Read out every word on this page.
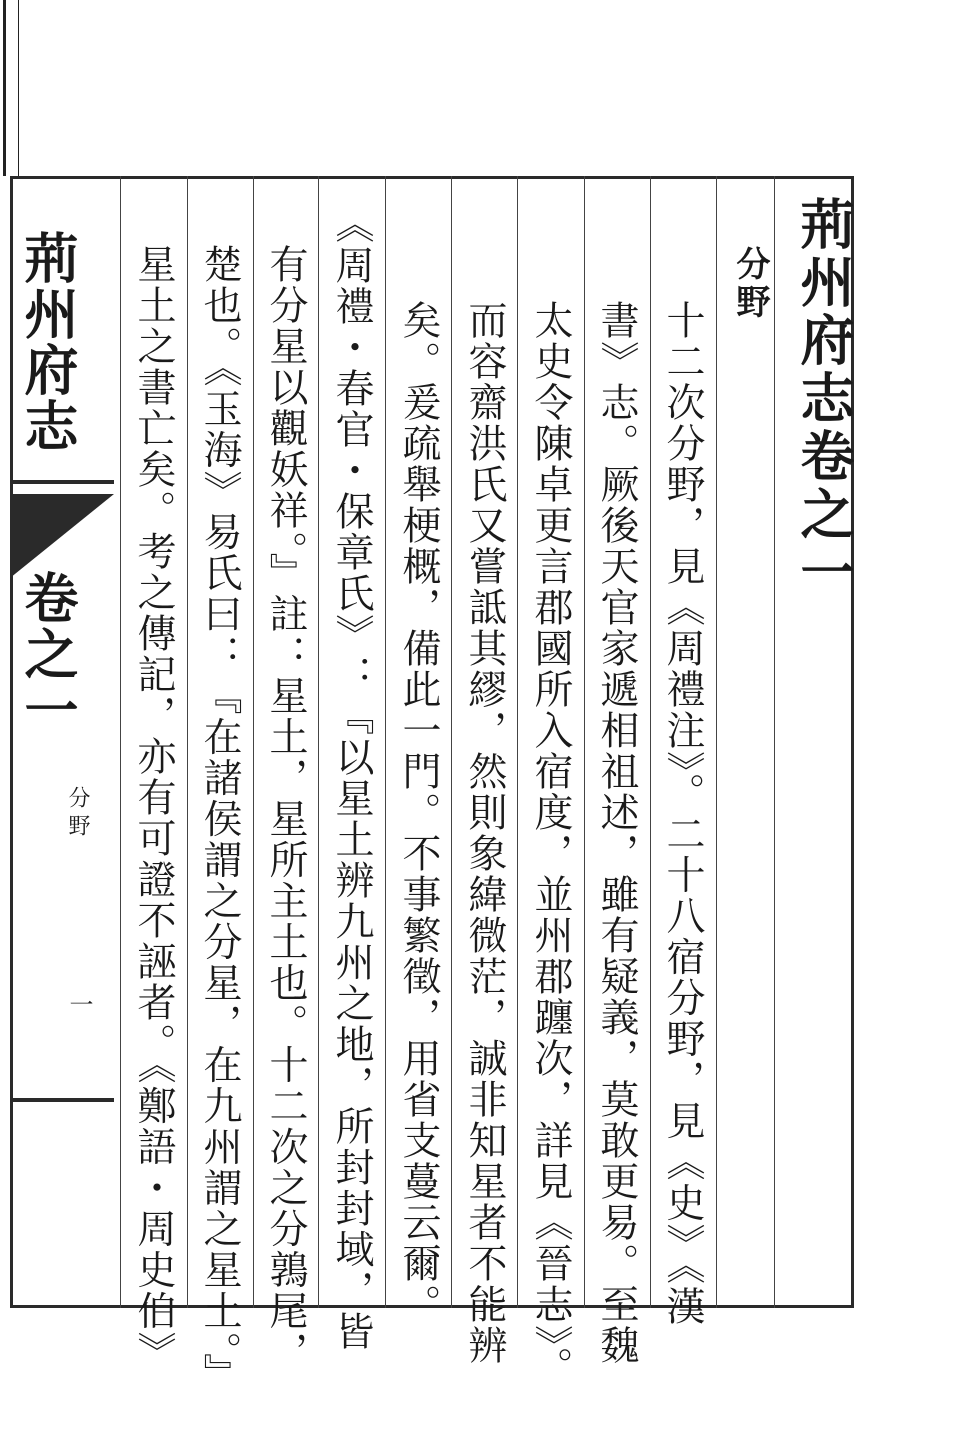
荊州府志卷之一
分野
十二次分野，見《周禮注》。二十八宿分野，見《史》《漢
書》志。厥後天官家遞相祖述，雖有疑義，莫敢更易。至魏
太史令陳卓更言郡國所入宿度，並州郡躔次，詳見《晉志》。
而容齋洪氏又嘗詆其繆，然則象緯微茫，誠非知星者不能辨
矣。爰疏舉梗概，備此一門。不事繁徵，用省支蔓云爾。
《周禮・春官・保章氏》：『以星土辨九州之地，所封封域，皆
有分星以觀妖祥。』註：星土，星所主土也。十二次之分鶉尾，
楚也。《玉海》易氏曰：『在諸侯謂之分星，在九州謂之星土。』
星土之書亡矣。考之傳記，亦有可證不誣者。《鄭語・周史伯》
荊州府志
卷之一
分野
一
